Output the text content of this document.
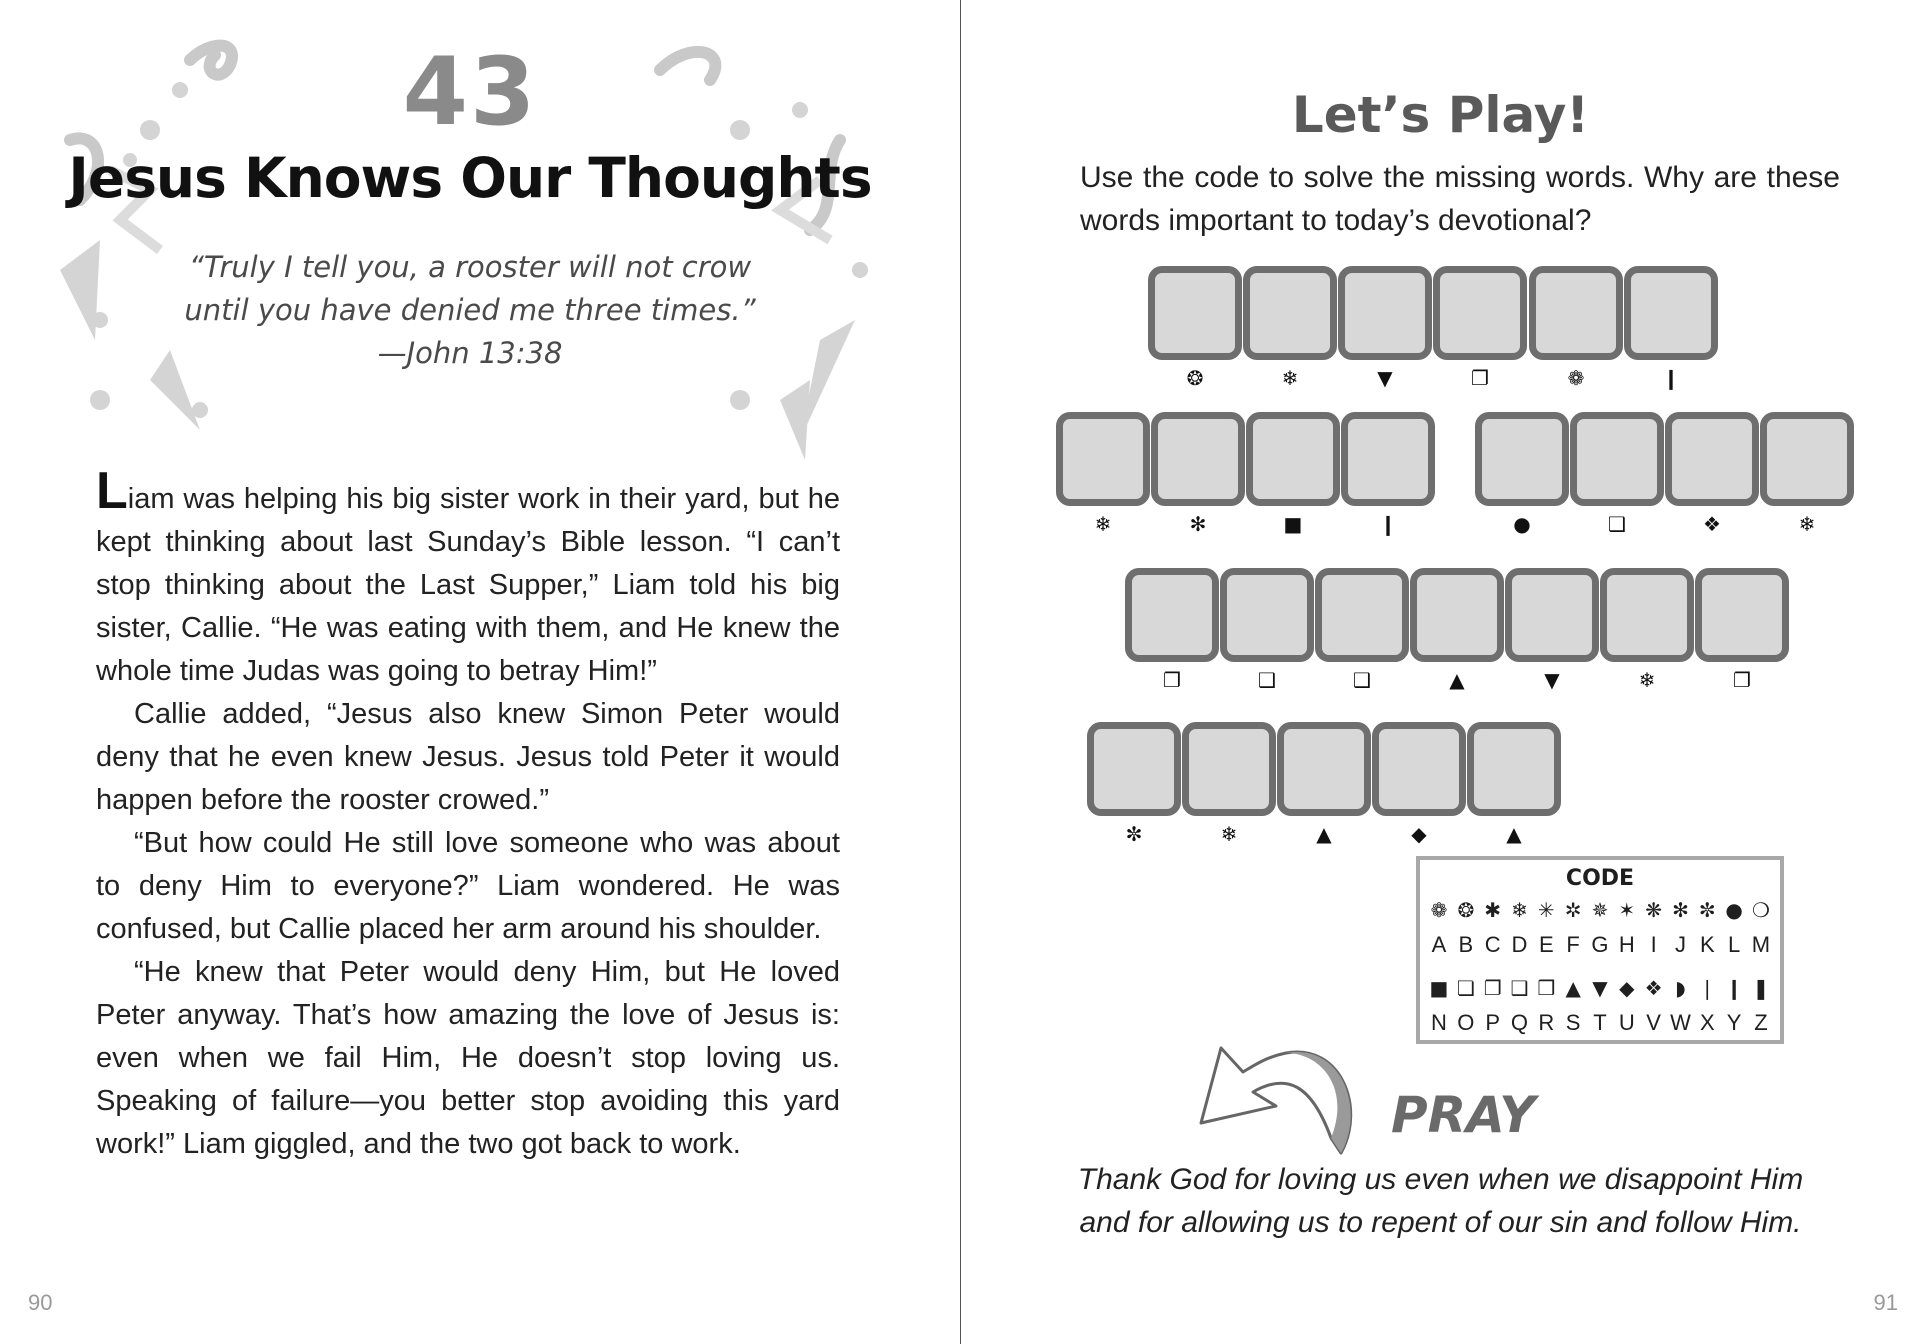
43
Jesus Knows Our Thoughts
“Truly I tell you, a rooster will not crow
until you have denied me three times.”
—John 13:38

Liam was helping his big sister work in their yard, but he kept thinking about last Sunday’s Bible lesson. “I can’t stop thinking about the Last Supper,” Liam told his big sister, Callie. “He was eating with them, and He knew the whole time Judas was going to betray Him!”

Callie added, “Jesus also knew Simon Peter would deny that he even knew Jesus. Jesus told Peter it would happen before the rooster crowed.”

“But how could He still love someone who was about to deny Him to everyone?” Liam wondered. He was confused, but Callie placed her arm around his shoulder.

“He knew that Peter would deny Him, but He loved Peter anyway. That’s how amazing the love of Jesus is: even when we fail Him, He doesn’t stop loving us. Speaking of failure—you better stop avoiding this yard work!” Liam giggled, and the two got back to work.

90
Let’s Play!
Use the code to solve the missing words. Why are these words important to today’s devotional?
❂	❄	▼	❐	❁	❙
❄	✻	■	❙	●	❑	❖	❄
❐	❑	❑	▲	▼	❄	❐
✼	❄	▲	◆	▲
CODE
❁ ❂ ✱ ❄ ✳ ✲ ✵ ✶ ❋ ✻ ✼ ● ❍
A B C D E F G H I J K L M
■ ❏ ❐ ❑ ❒ ▲ ▼ ◆ ❖ ◗ ❘ ❙ ❚
N O P Q R S T U V W X Y Z
PRAY
Thank God for loving us even when we disappoint Him
and for allowing us to repent of our sin and follow Him.
91
